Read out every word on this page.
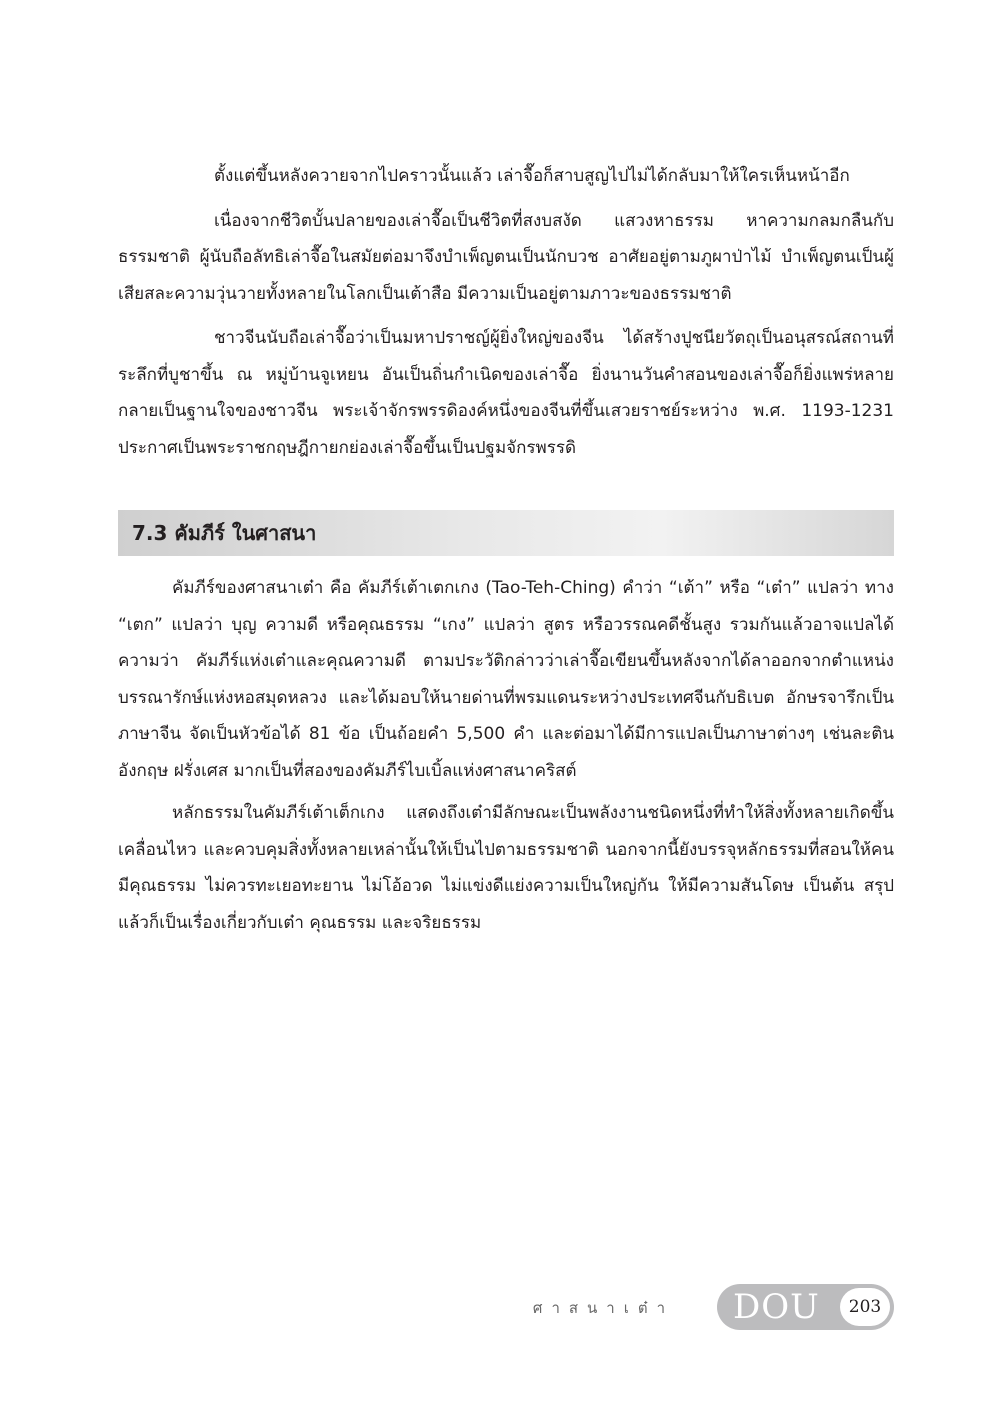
ตั้งแต่ขึ้นหลังควายจากไปคราวนั้นแล้ว เล่าจื๊อก็สาบสูญไปไม่ได้กลับมาให้ใครเห็นหน้าอีก

เนื่องจากชีวิตบั้นปลายของเล่าจื๊อเป็นชีวิตที่สงบสงัด แสวงหาธรรม หาความกลมกลืนกับธรรมชาติ ผู้นับถือลัทธิเล่าจื๊อในสมัยต่อมาจึงบำเพ็ญตนเป็นนักบวช อาศัยอยู่ตามภูผาป่าไม้ บำเพ็ญตนเป็นผู้เสียสละความวุ่นวายทั้งหลายในโลกเป็นเต้าสือ มีความเป็นอยู่ตามภาวะของธรรมชาติ

ชาวจีนนับถือเล่าจื๊อว่าเป็นมหาปราชญ์ผู้ยิ่งใหญ่ของจีน ได้สร้างปูชนียวัตถุเป็นอนุสรณ์สถานที่ระลึกที่บูชาขึ้น ณ หมู่บ้านจูเหยน อันเป็นถิ่นกำเนิดของเล่าจื๊อ ยิ่งนานวันคำสอนของเล่าจื๊อก็ยิ่งแพร่หลายกลายเป็นฐานใจของชาวจีน พระเจ้าจักรพรรดิองค์หนึ่งของจีนที่ขึ้นเสวยราชย์ระหว่าง พ.ศ. 1193-1231 ประกาศเป็นพระราชกฤษฎีกายกย่องเล่าจื๊อขึ้นเป็นปฐมจักรพรรดิ

7.3 คัมภีร์ ในศาสนา

คัมภีร์ของศาสนาเต๋า คือ คัมภีร์เต้าเตกเกง (Tao-Teh-Ching) คำว่า “เต้า” หรือ “เต๋า” แปลว่า ทาง “เตก” แปลว่า บุญ ความดี หรือคุณธรรม “เกง” แปลว่า สูตร หรือวรรณคดีชั้นสูง รวมกันแล้วอาจแปลได้ความว่า คัมภีร์แห่งเต๋าและคุณความดี ตามประวัติกล่าวว่าเล่าจื๊อเขียนขึ้นหลังจากได้ลาออกจากตำแหน่งบรรณารักษ์แห่งหอสมุดหลวง และได้มอบให้นายด่านที่พรมแดนระหว่างประเทศจีนกับธิเบต อักษรจารึกเป็นภาษาจีน จัดเป็นหัวข้อได้ 81 ข้อ เป็นถ้อยคำ 5,500 คำ และต่อมาได้มีการแปลเป็นภาษาต่างๆ เช่นละติน อังกฤษ ฝรั่งเศส มากเป็นที่สองของคัมภีร์ไบเบิ้ลแห่งศาสนาคริสต์

หลักธรรมในคัมภีร์เต้าเต็กเกง แสดงถึงเต๋ามีลักษณะเป็นพลังงานชนิดหนึ่งที่ทำให้สิ่งทั้งหลายเกิดขึ้นเคลื่อนไหว และควบคุมสิ่งทั้งหลายเหล่านั้นให้เป็นไปตามธรรมชาติ นอกจากนี้ยังบรรจุหลักธรรมที่สอนให้คนมีคุณธรรม ไม่ควรทะเยอทะยาน ไม่โอ้อวด ไม่แข่งดีแย่งความเป็นใหญ่กัน ให้มีความสันโดษ เป็นต้น สรุปแล้วก็เป็นเรื่องเกี่ยวกับเต๋า คุณธรรม และจริยธรรม

ศาสนาเต๋า DOU	203
